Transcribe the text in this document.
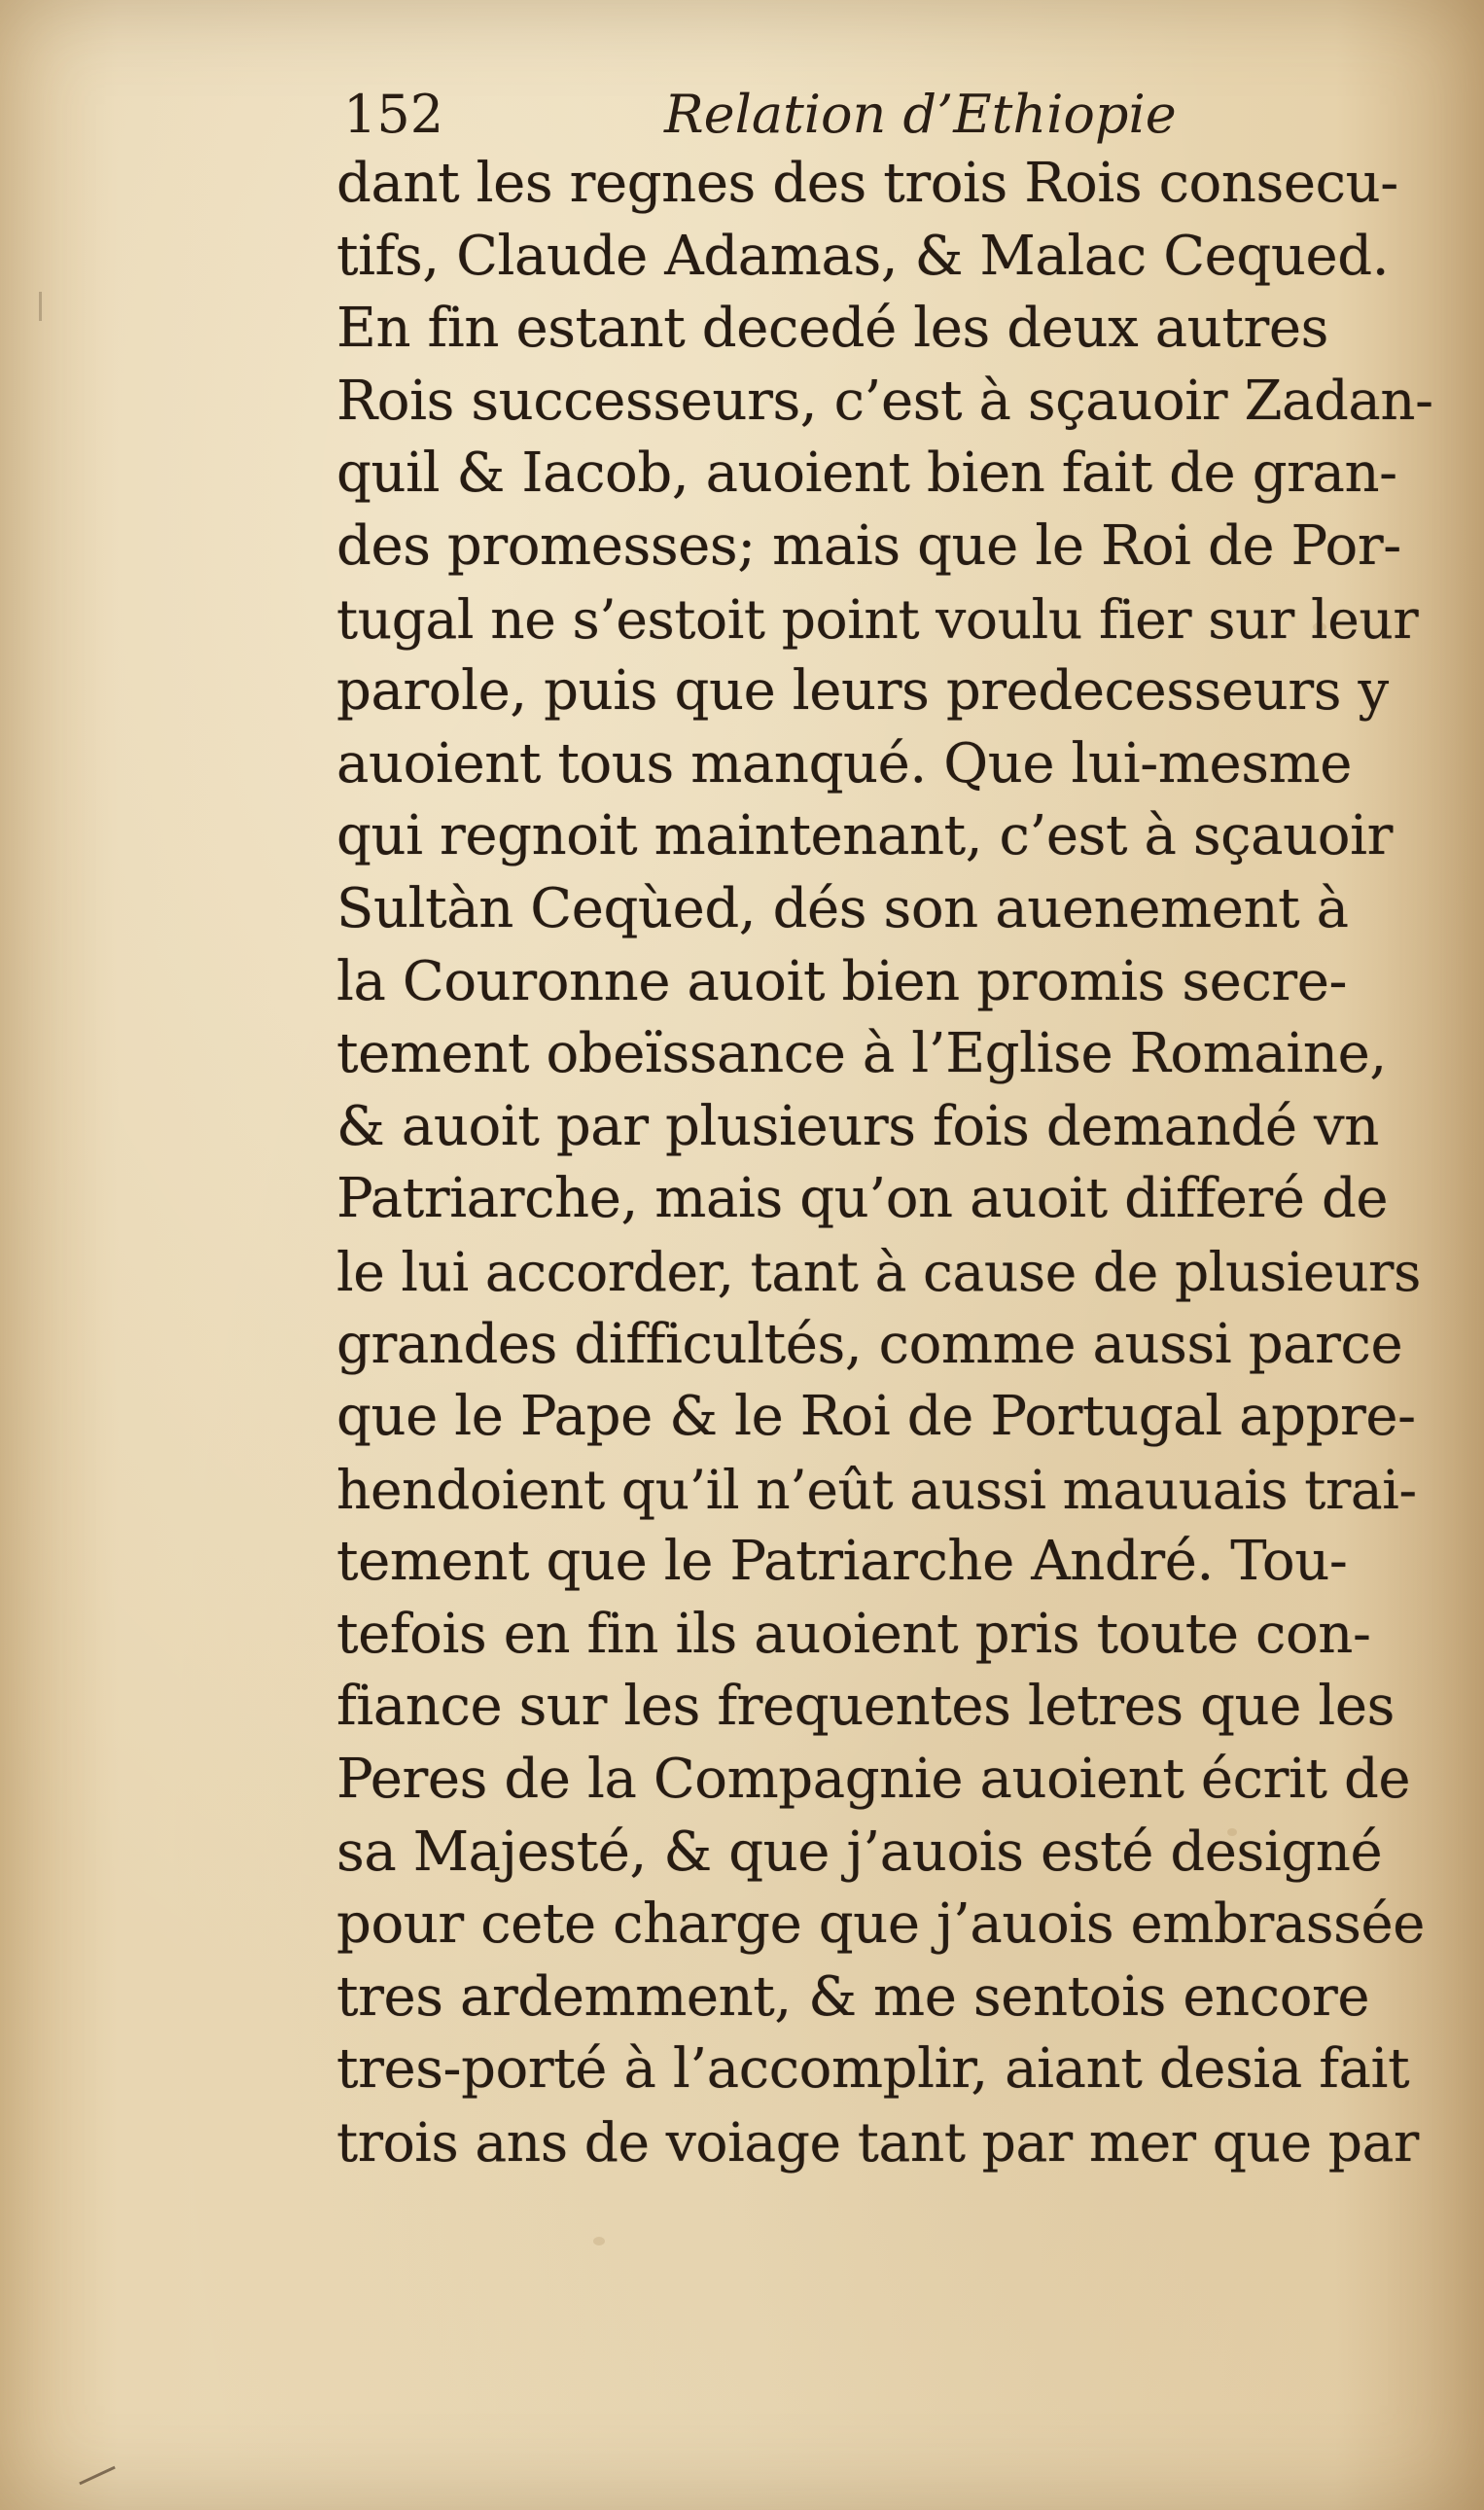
152	Relation d’Ethiopie
dant les regnes des trois Rois consecu-
tifs, Claude Adamas, & Malac Cequed.
En fin estant decedé les deux autres
Rois successeurs, c’est à sçauoir Zadan-
quil & Iacob, auoient bien fait de gran-
des promesses; mais que le Roi de Por-
tugal ne s’estoit point voulu fier sur leur
parole, puis que leurs predecesseurs y
auoient tous manqué. Que lui-mesme
qui regnoit maintenant, c’est à sçauoir
Sultàn Ceqùed, dés son auenement à
la Couronne auoit bien promis secre-
tement obeïssance à l’Eglise Romaine,
& auoit par plusieurs fois demandé vn
Patriarche, mais qu’on auoit differé de
le lui accorder, tant à cause de plusieurs
grandes difficultés, comme aussi parce
que le Pape & le Roi de Portugal appre-
hendoient qu’il n’eût aussi mauuais trai-
tement que le Patriarche André. Tou-
tefois en fin ils auoient pris toute con-
fiance sur les frequentes letres que les
Peres de la Compagnie auoient écrit de
sa Majesté, & que j’auois esté designé
pour cete charge que j’auois embrassée
tres ardemment, & me sentois encore
tres-porté à l’accomplir, aiant desia fait
trois ans de voiage tant par mer que par
